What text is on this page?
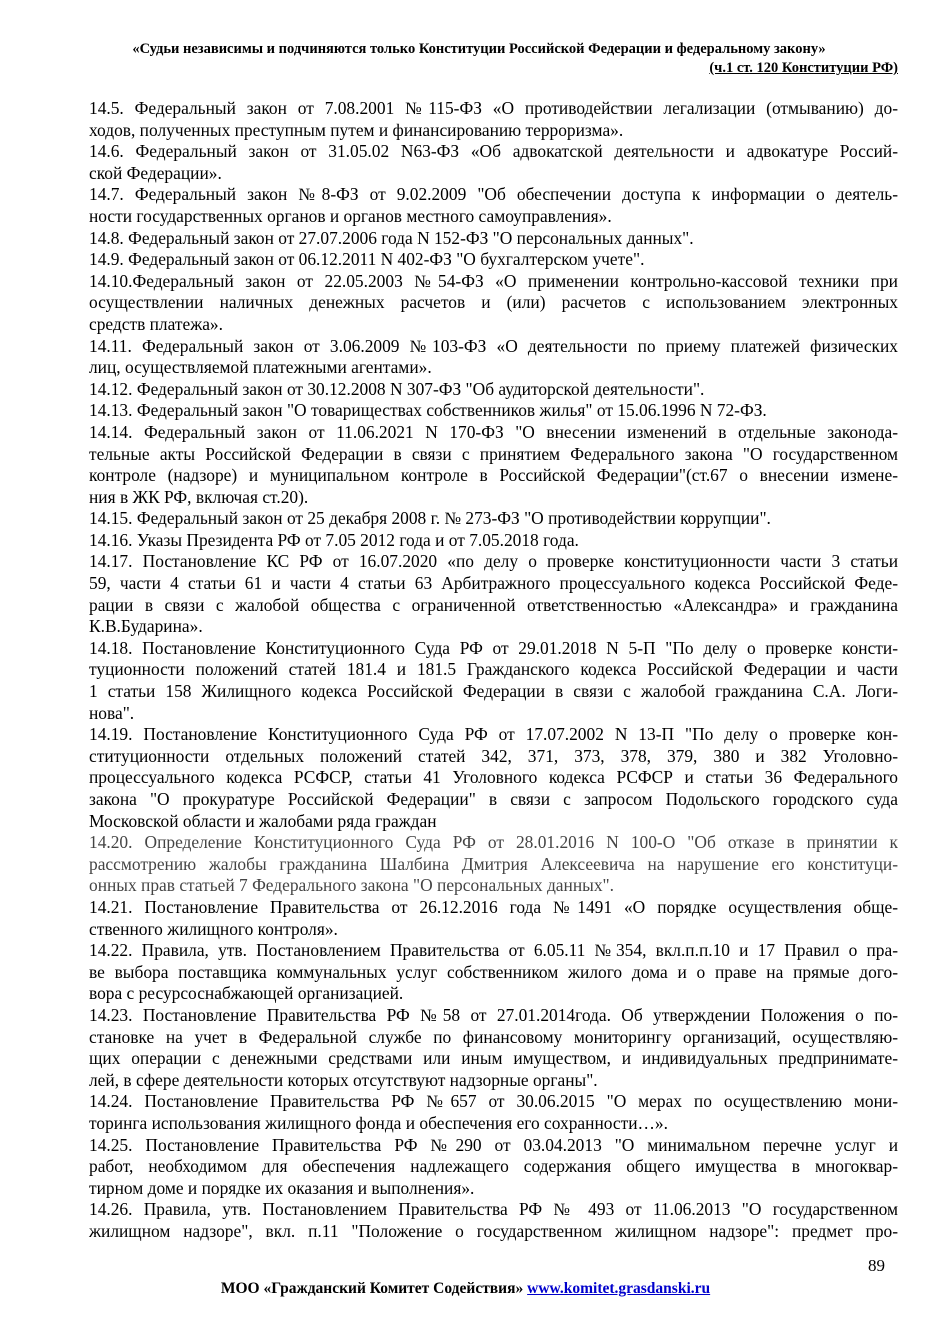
«Судьи независимы и подчиняются только Конституции Российской Федерации и федеральному закону»
(ч.1 ст. 120 Конституции РФ)
14.5. Федеральный закон от 7.08.2001 №115-ФЗ «О противодействии легализации (отмыванию) до-
ходов, полученных преступным путем и финансированию терроризма».
14.6. Федеральный закон от 31.05.02 N63-ФЗ «Об адвокатской деятельности и адвокатуре Россий-
ской Федерации».
14.7. Федеральный закон №8-ФЗ от 9.02.2009 "Об обеспечении доступа к информации о деятель-
ности государственных органов и органов местного самоуправления».
14.8. Федеральный закон от 27.07.2006 года N 152-ФЗ "О персональных данных".
14.9. Федеральный закон от 06.12.2011 N 402-ФЗ "О бухгалтерском учете".
14.10.Федеральный закон от 22.05.2003 №54-ФЗ «О применении контрольно-кассовой техники при
осуществлении наличных денежных расчетов и (или) расчетов с использованием электронных
средств платежа».
14.11. Федеральный закон от 3.06.2009 №103-ФЗ «О деятельности по приему платежей физических
лиц, осуществляемой платежными агентами».
14.12. Федеральный закон от 30.12.2008 N 307-ФЗ "Об аудиторской деятельности".
14.13. Федеральный закон "О товариществах собственников жилья" от 15.06.1996 N 72-ФЗ.
14.14. Федеральный закон от 11.06.2021 N 170-ФЗ "О внесении изменений в отдельные законода-
тельные акты Российской Федерации в связи с принятием Федерального закона "О государственном
контроле (надзоре) и муниципальном контроле в Российской Федерации"(ст.67 о внесении измене-
ния в ЖК РФ, включая ст.20).
14.15. Федеральный закон от 25 декабря 2008 г. № 273-ФЗ "О противодействии коррупции".
14.16. Указы Президента РФ от 7.05 2012 года и от 7.05.2018 года.
14.17. Постановление КС РФ от 16.07.2020 «по делу о проверке конституционности части 3 статьи
59, части 4 статьи 61 и части 4 статьи 63 Арбитражного процессуального кодекса Российской Феде-
рации в связи с жалобой общества с ограниченной ответственностью «Александра» и гражданина
К.В.Бударина».
14.18. Постановление Конституционного Суда РФ от 29.01.2018 N 5-П "По делу о проверке консти-
туционности положений статей 181.4 и 181.5 Гражданского кодекса Российской Федерации и части
1 статьи 158 Жилищного кодекса Российской Федерации в связи с жалобой гражданина С.А. Логи-
нова".
14.19. Постановление Конституционного Суда РФ от 17.07.2002 N 13-П "По делу о проверке кон-
ституционности отдельных положений статей 342, 371, 373, 378, 379, 380 и 382 Уголовно-
процессуального кодекса РСФСР, статьи 41 Уголовного кодекса РСФСР и статьи 36 Федерального
закона "О прокуратуре Российской Федерации" в связи с запросом Подольского городского суда
Московской области и жалобами ряда граждан
14.20. Определение Конституционного Суда РФ от 28.01.2016 N 100-О "Об отказе в принятии к
рассмотрению жалобы гражданина Шалбина Дмитрия Алексеевича на нарушение его конституци-
онных прав статьей 7 Федерального закона "О персональных данных".
14.21. Постановление Правительства от 26.12.2016 года №1491 «О порядке осуществления обще-
ственного жилищного контроля».
14.22. Правила, утв. Постановлением Правительства от 6.05.11 №354, вкл.п.п.10 и 17 Правил о пра-
ве выбора поставщика коммунальных услуг собственником жилого дома и о праве на прямые дого-
вора с ресурсоснабжающей организацией.
14.23. Постановление Правительства РФ №58 от 27.01.2014года. Об утверждении Положения о по-
становке на учет в Федеральной службе по финансовому мониторингу организаций, осуществляю-
щих операции с денежными средствами или иным имуществом, и индивидуальных предпринимате-
лей, в сфере деятельности которых отсутствуют надзорные органы".
14.24. Постановление Правительства РФ №657 от 30.06.2015 "О мерах по осуществлению мони-
торинга использования жилищного фонда и обеспечения его сохранности…».
14.25. Постановление Правительства РФ №290 от 03.04.2013 "О минимальном перечне услуг и
работ, необходимом для обеспечения надлежащего содержания общего имущества в многоквар-
тирном доме и порядке их оказания и выполнения».
14.26. Правила, утв. Постановлением Правительства РФ № 493 от 11.06.2013 "О государственном
жилищном надзоре", вкл. п.11 "Положение о государственном жилищном надзоре": предмет про-
89
МОО «Гражданский Комитет Содействия» www.komitet.grasdanski.ru
